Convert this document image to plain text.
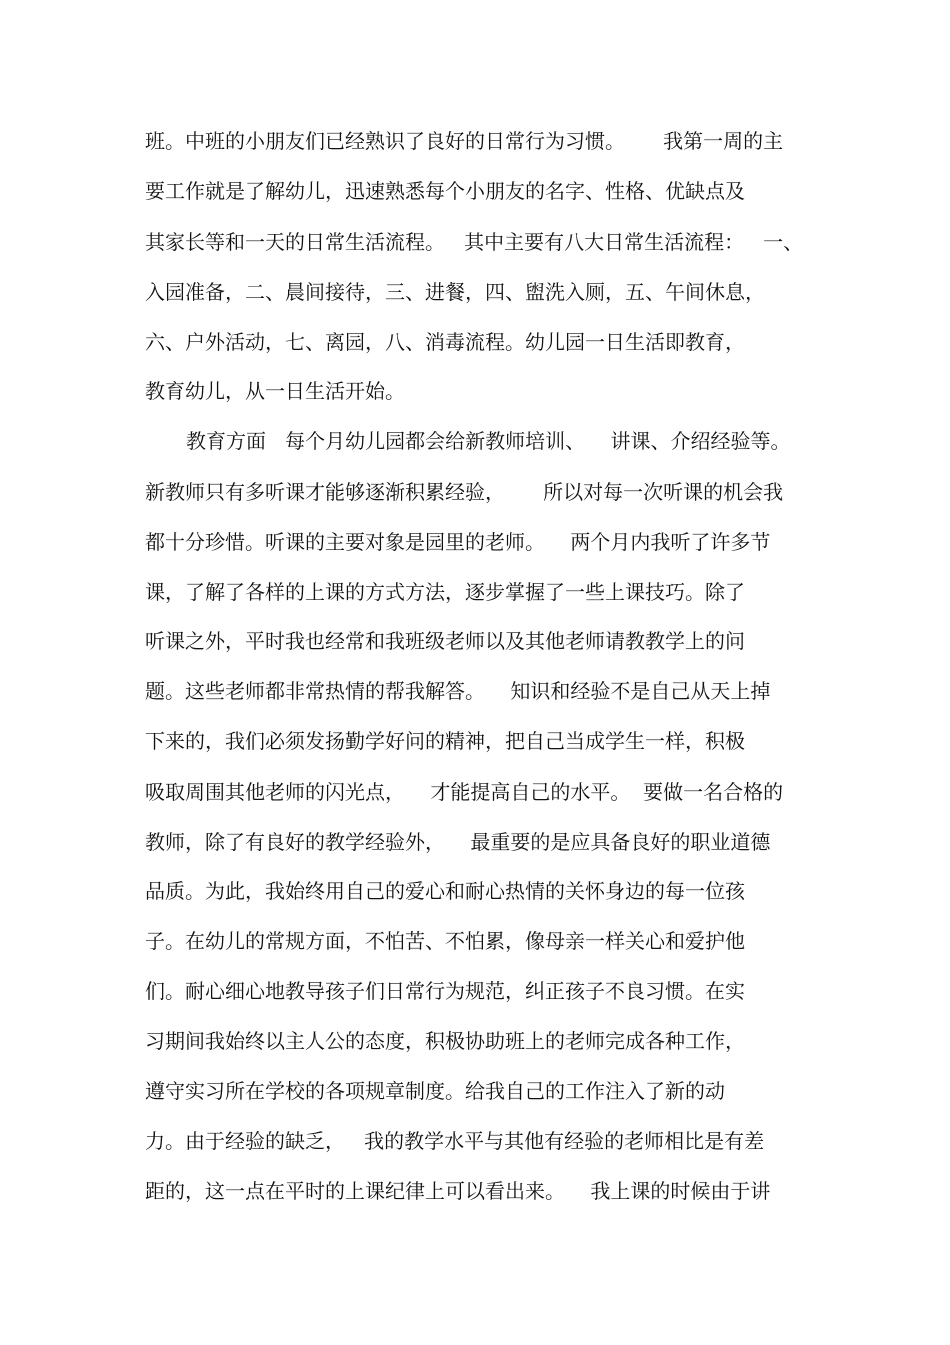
班。中班的小朋友们已经熟识了良好的日常行为习惯。      我第一周的主
要工作就是了解幼儿，迅速熟悉每个小朋友的名字、性格、优缺点及
其家长等和一天的日常生活流程。   其中主要有八大日常生活流程：   一、
入园准备，二、晨间接待，三、进餐，四、盥洗入厕，五、午间休息，
六、户外活动，七、离园，八、消毒流程。幼儿园一日生活即教育，
教育幼儿，从一日生活开始。
教育方面   每个月幼儿园都会给新教师培训、    讲课、介绍经验等。
新教师只有多听课才能够逐渐积累经验，      所以对每一次听课的机会我
都十分珍惜。听课的主要对象是园里的老师。    两个月内我听了许多节
课，了解了各样的上课的方式方法，逐步掌握了一些上课技巧。除了
听课之外，平时我也经常和我班级老师以及其他老师请教教学上的问
题。这些老师都非常热情的帮我解答。    知识和经验不是自己从天上掉
下来的，我们必须发扬勤学好问的精神，把自己当成学生一样，积极
吸取周围其他老师的闪光点，    才能提高自己的水平。  要做一名合格的
教师，除了有良好的教学经验外，    最重要的是应具备良好的职业道德
品质。为此，我始终用自己的爱心和耐心热情的关怀身边的每一位孩
子。在幼儿的常规方面，不怕苦、不怕累，像母亲一样关心和爱护他
们。耐心细心地教导孩子们日常行为规范，纠正孩子不良习惯。在实
习期间我始终以主人公的态度，积极协助班上的老师完成各种工作，
遵守实习所在学校的各项规章制度。给我自己的工作注入了新的动
力。由于经验的缺乏，   我的教学水平与其他有经验的老师相比是有差
距的，这一点在平时的上课纪律上可以看出来。    我上课的时候由于讲
